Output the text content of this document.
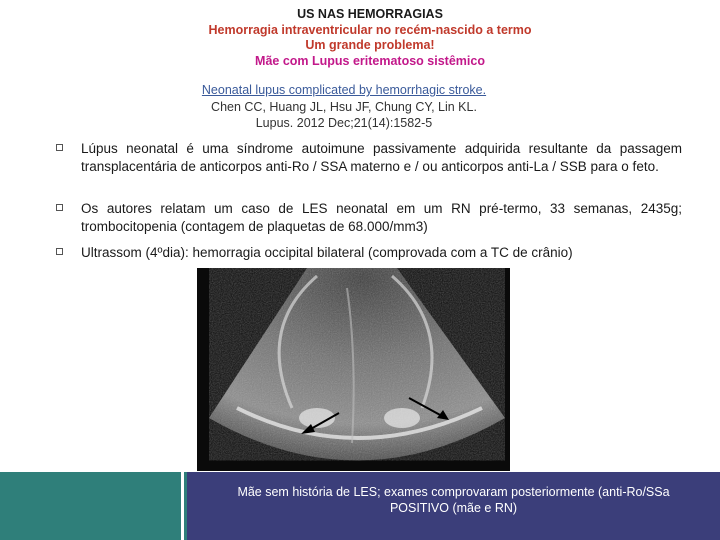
US NAS HEMORRAGIAS
Hemorragia intraventricular no recém-nascido a termo
Um grande problema!
Mãe com Lupus eritematoso sistêmico
Neonatal lupus complicated by hemorrhagic stroke.
Chen CC, Huang JL, Hsu JF, Chung CY, Lin KL.
Lupus. 2012 Dec;21(14):1582-5
Lúpus neonatal é uma síndrome autoimune passivamente adquirida resultante da passagem transplacentária de anticorpos anti-Ro / SSA materno e / ou anticorpos anti-La / SSB para o feto.
Os autores relatam um caso de LES neonatal em um RN pré-termo, 33 semanas, 2435g; trombocitopenia (contagem de plaquetas de 68.000/mm3)
Ultrassom (4ºdia): hemorragia occipital bilateral (comprovada com a TC de crânio)
Mãe sem história de LES; exames comprovaram posteriormente (anti-Ro/SSa
POSITIVO (mãe e RN)
